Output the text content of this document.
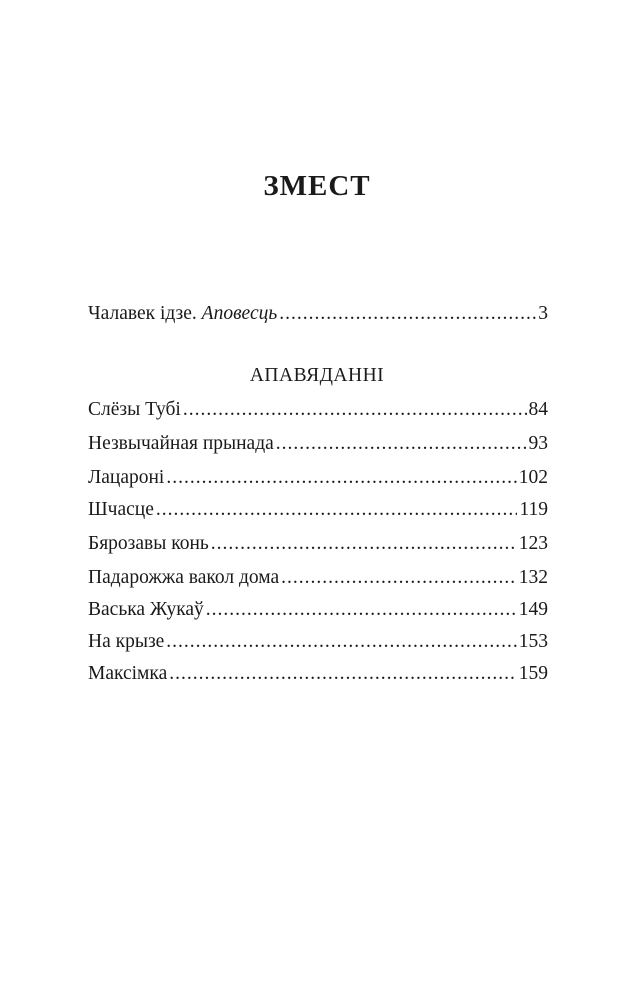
ЗМЕСТ
Чалавек ідзе. Аповесць .....	3
АПАВЯДАННІ
Слёзы Тубі .....	84
Незвычайная прынада .....	93
Лацароні .....	102
Шчасце .....	119
Бярозавы конь .....	123
Падарожжа вакол дома .....	132
Васька Жукаў .....	149
На крызе .....	153
Максімка .....	159
